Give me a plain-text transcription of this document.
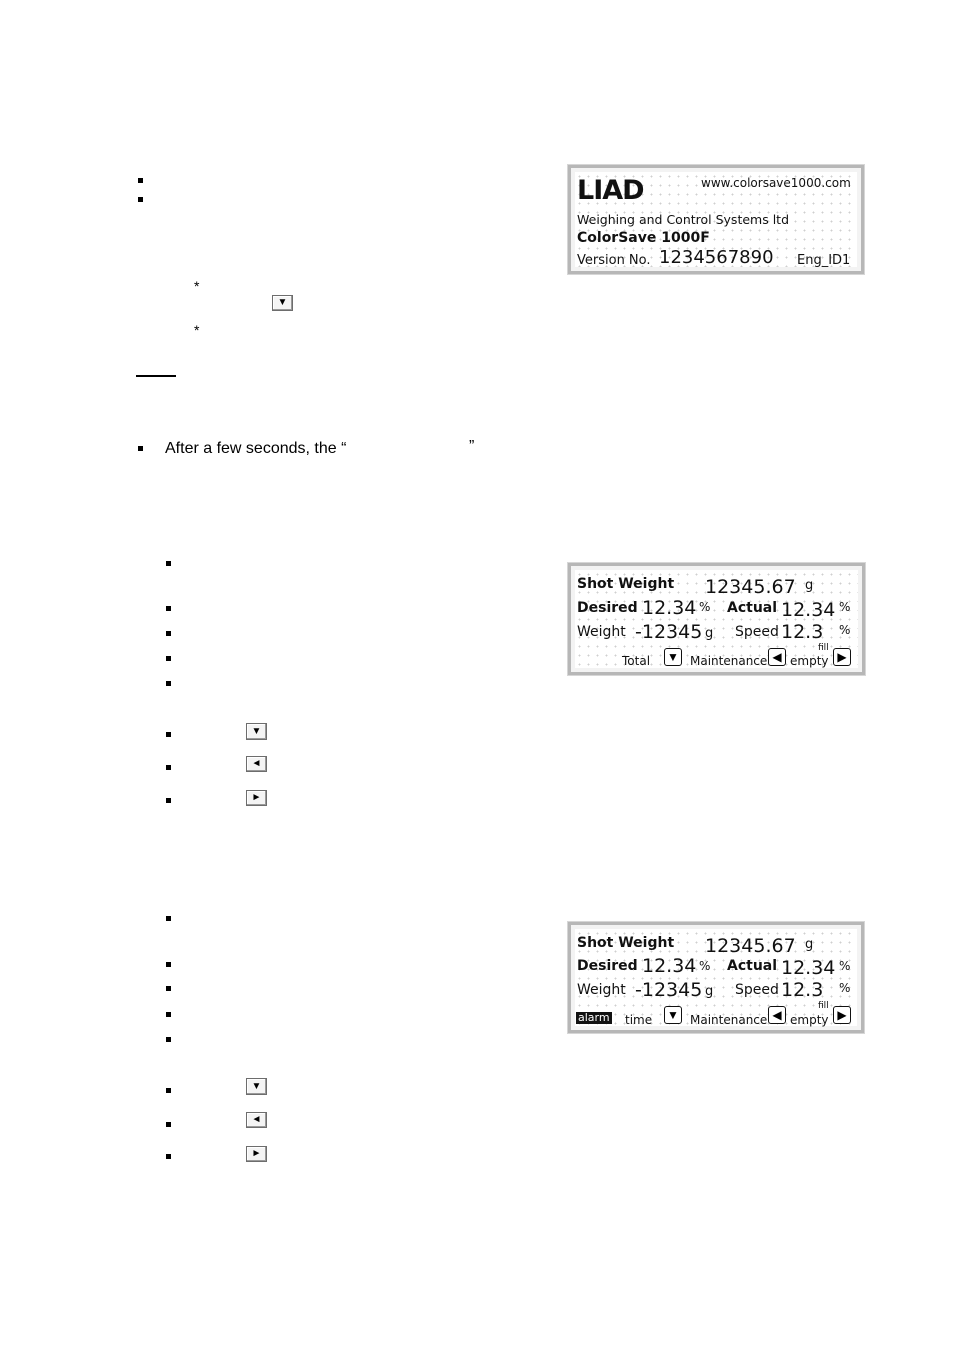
*
▼
*
LIAD	www.colorsave1000.com
Weighing and Control Systems ltd
ColorSave 1000F
Version No. 1234567890 Eng_ID1
After a few seconds, the “	”
▼
◄
►
Shot Weight 12345.67 g
Desired 12.34 % Actual 12.34 %
Weight -12345 g Speed 12.3 %
Total ▼ Maintenance ◀
fill
empty ▶
▼
◄
►
Shot Weight 12345.67 g
Desired 12.34 % Actual 12.34 %
Weight -12345 g Speed 12.3 %
alarm time ▼ Maintenance ◀
fill
empty ▶
